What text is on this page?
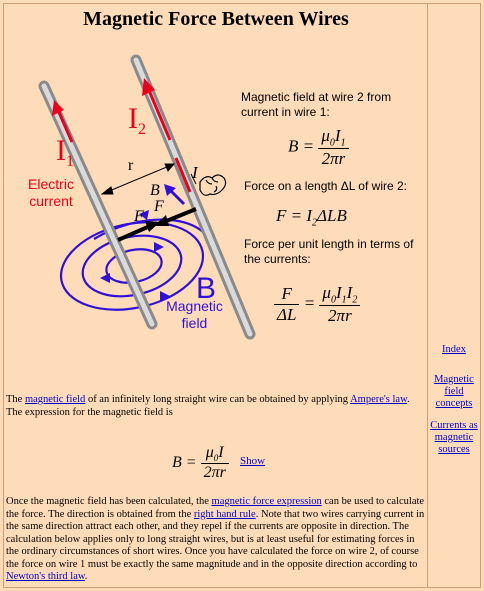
Magnetic Force Between Wires
$I_1$
$I_2$
r	I
B
F
F
B
Electric current
Magnetic field
Magnetic field at wire 2 from current in wire 1:
$B = \frac{\mu_0I_1}{2\pi r}$
Force on a length ΔL of wire 2:
$F = I_2\Delta LB$
Force per unit length in terms of the currents:
$\frac{F}{\Delta L} = \frac{\mu_0I_1I_2}{2\pi r}$
The magnetic field of an infinitely long straight wire can be obtained by applying Ampere's law. The expression for the magnetic field is
$B = \frac{\mu_0I}{2\pi r}$ Show
Once the magnetic field has been calculated, the magnetic force expression can be used to calculate the force. The direction is obtained from the right hand rule. Note that two wires carrying current in the same direction attract each other, and they repel if the currents are opposite in direction. The calculation below applies only to long straight wires, but is at least useful for estimating forces in the ordinary circumstances of short wires. Once you have calculated the force on wire 2, of course the force on wire 1 must be exactly the same magnitude and in the opposite direction according to Newton's third law.
Index
Magnetic field concepts
Currents as magnetic sources
